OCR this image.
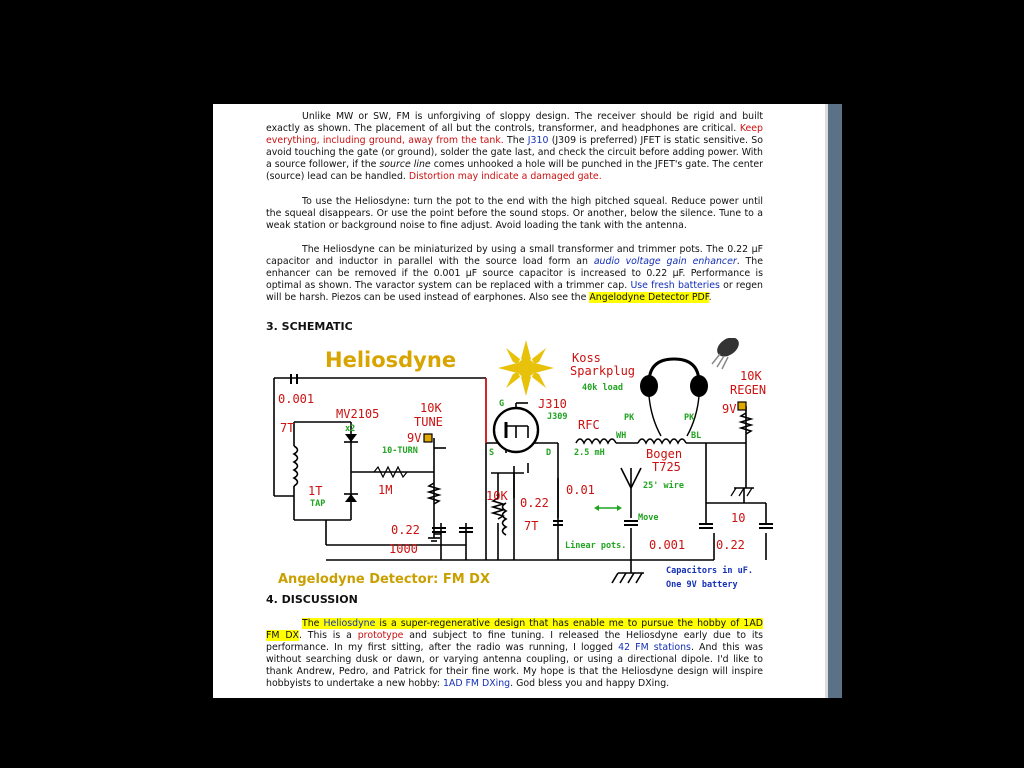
Unlike MW or SW, FM is unforgiving of sloppy design. The receiver should be rigid and built exactly as shown. The placement of all but the controls, transformer, and headphones are critical. Keep everything, including ground, away from the tank. The J310 (J309 is preferred) JFET is static sensitive. So avoid touching the gate (or ground), solder the gate last, and check the circuit before adding power. With a source follower, if the source line comes unhooked a hole will be punched in the JFET's gate. The center (source) lead can be handled. Distortion may indicate a damaged gate.

To use the Heliosdyne: turn the pot to the end with the high pitched squeal. Reduce power until the squeal disappears. Or use the point before the sound stops. Or another, below the silence. Tune to a weak station or background noise to fine adjust. Avoid loading the tank with the antenna.

The Heliosdyne can be miniaturized by using a small transformer and trimmer pots. The 0.22 µF capacitor and inductor in parallel with the source load form an audio voltage gain enhancer. The enhancer can be removed if the 0.001 µF source capacitor is increased to 0.22 µF. Performance is optimal as shown. The varactor system can be replaced with a trimmer cap. Use fresh batteries or regen will be harsh. Piezos can be used instead of earphones. Also see the Angelodyne Detector PDF.

3. SCHEMATIC

Heliosdyne
Angelodyne Detector: FM DX
0.001
MV2105
7T
1T	1M
10K
TUNE
9V
0.22
1000
J310
10K 0.22
7T
0.01
RFC
Koss
Sparkplug
Bogen
T725
0.001
10K
REGEN
9V
10
0.22
x2
TAP
10-TURN
G
S	D
J309
2.5 mH
40k load
PK	PK
WH	BL
25' wire
Move
Linear pots.
Capacitors in uF.
One 9V battery

4. DISCUSSION

The Heliosdyne is a super-regenerative design that has enable me to pursue the hobby of 1AD FM DX. This is a prototype and subject to fine tuning. I released the Heliosdyne early due to its performance. In my first sitting, after the radio was running, I logged 42 FM stations. And this was without searching dusk or dawn, or varying antenna coupling, or using a directional dipole. I'd like to thank Andrew, Pedro, and Patrick for their fine work. My hope is that the Heliosdyne design will inspire hobbyists to undertake a new hobby: 1AD FM DXing. God bless you and happy DXing.
